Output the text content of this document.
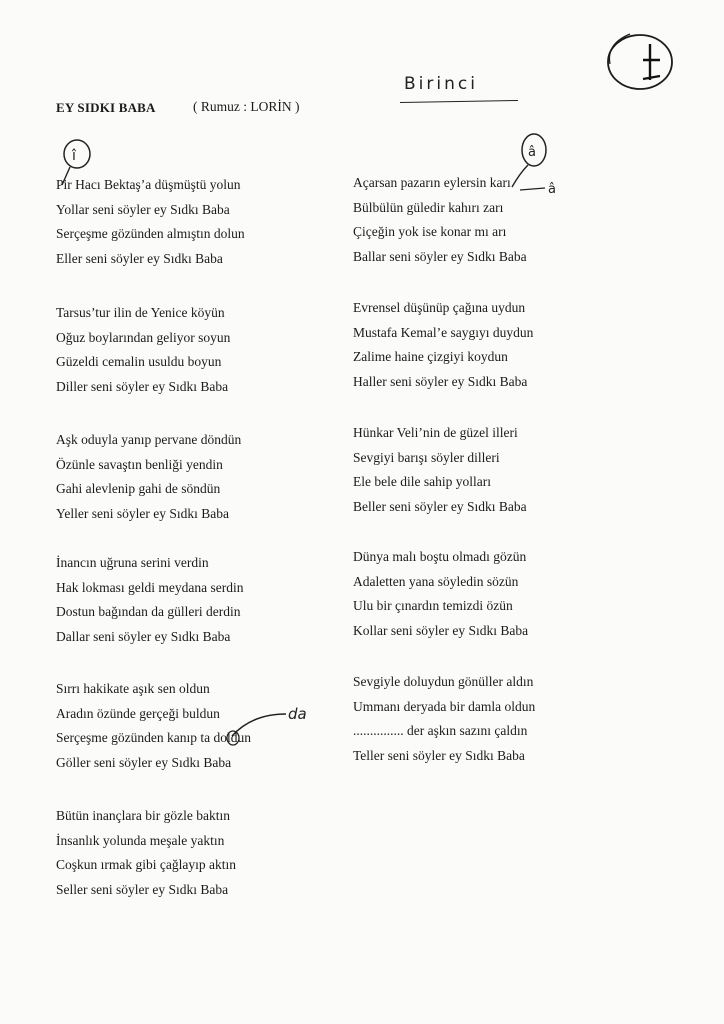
EY SIDKI BABA	( Rumuz : LORİN )
Birinci
Pir Hacı Bektaş’a düşmüştü yolun
Yollar seni söyler ey Sıdkı Baba
Serçeşme gözünden almıştın dolun
Eller seni söyler ey Sıdkı Baba
Tarsus’tur ilin de Yenice köyün
Oğuz boylarından geliyor soyun
Güzeldi cemalin usuldu boyun
Diller seni söyler ey Sıdkı Baba
Aşk oduyla yanıp pervane döndün
Özünle savaştın benliği yendin
Gahi alevlenip gahi de söndün
Yeller seni söyler ey Sıdkı Baba
İnancın uğruna serini verdin
Hak lokması geldi meydana serdin
Dostun bağından da gülleri derdin
Dallar seni söyler ey Sıdkı Baba
Sırrı hakikate aşık sen oldun
Aradın özünde gerçeği buldun
Serçeşme gözünden kanıp ta doldun
Göller seni söyler ey Sıdkı Baba
Bütün inançlara bir gözle baktın
İnsanlık yolunda meşale yaktın
Coşkun ırmak gibi çağlayıp aktın
Seller seni söyler ey Sıdkı Baba
Açarsan pazarın eylersin karı
Bülbülün güledir kahırı zarı
Çiçeğin yok ise konar mı arı
Ballar seni söyler ey Sıdkı Baba
Evrensel düşünüp çağına uydun
Mustafa Kemal’e saygıyı duydun
Zalime haine çizgiyi koydun
Haller seni söyler ey Sıdkı Baba
Hünkar Veli’nin de güzel illeri
Sevgiyi barışı söyler dilleri
Ele bele dile sahip yolları
Beller seni söyler ey Sıdkı Baba
Dünya malı boştu olmadı gözün
Adaletten yana söyledin sözün
Ulu bir çınardın temizdi özün
Kollar seni söyler ey Sıdkı Baba
Sevgiyle doluydun gönüller aldın
Ummanı deryada bir damla oldun
............... der aşkın sazını çaldın
Teller seni söyler ey Sıdkı Baba
î	â
â
da
